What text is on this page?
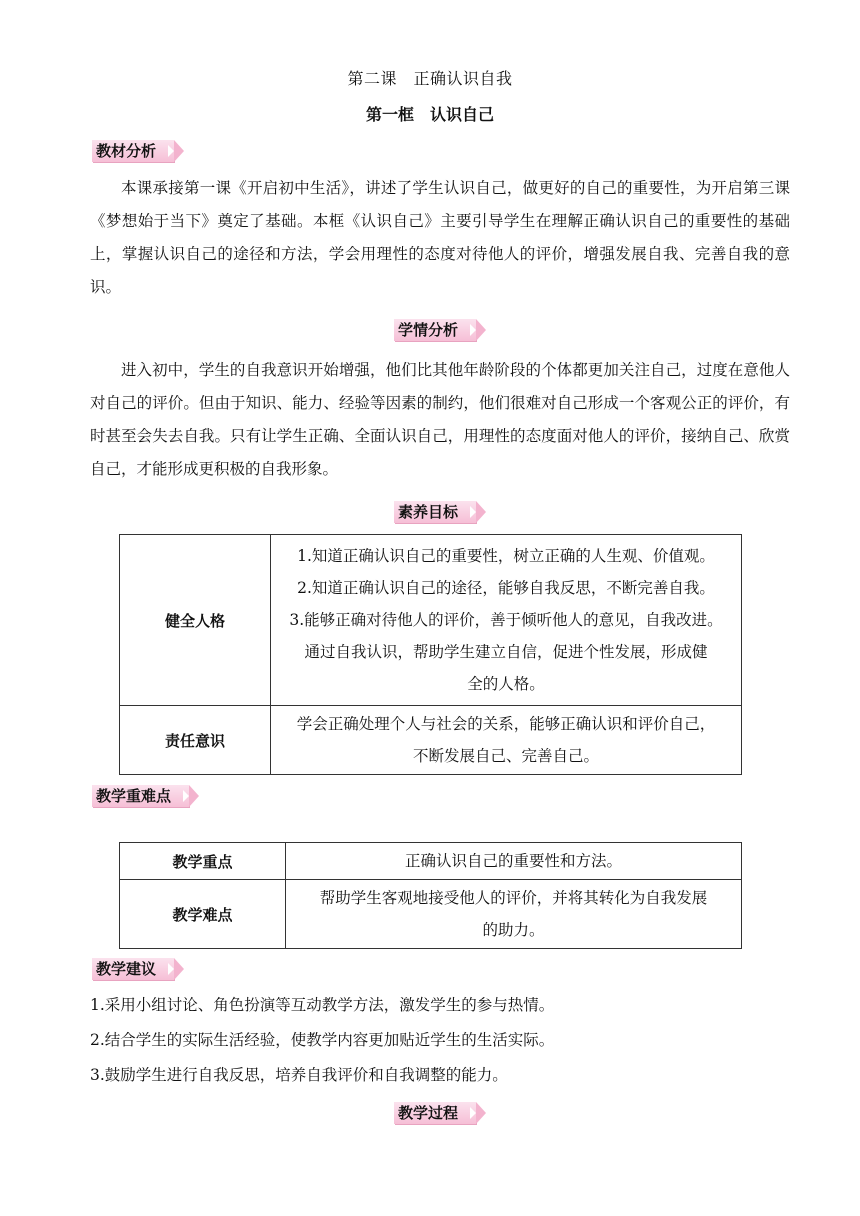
第二课　正确认识自我
第一框　认识自己
教材分析
本课承接第一课《开启初中生活》，讲述了学生认识自己，做更好的自己的重要性，为开启第三课《梦想始于当下》奠定了基础。本框《认识自己》主要引导学生在理解正确认识自己的重要性的基础上，掌握认识自己的途径和方法，学会用理性的态度对待他人的评价，增强发展自我、完善自我的意识。
学情分析
进入初中，学生的自我意识开始增强，他们比其他年龄阶段的个体都更加关注自己，过度在意他人对自己的评价。但由于知识、能力、经验等因素的制约，他们很难对自己形成一个客观公正的评价，有时甚至会失去自我。只有让学生正确、全面认识自己，用理性的态度面对他人的评价，接纳自己、欣赏自己，才能形成更积极的自我形象。
素养目标
健全人格	1.知道正确认识自己的重要性，树立正确的人生观、价值观。
2.知道正确认识自己的途径，能够自我反思，不断完善自我。
3.能够正确对待他人的评价，善于倾听他人的意见，自我改进。
通过自我认识，帮助学生建立自信，促进个性发展，形成健
全的人格。

责任意识	学会正确处理个人与社会的关系，能够正确认识和评价自己，
不断发展自己、完善自己。
教学重难点
教学重点	正确认识自己的重要性和方法。

教学难点	帮助学生客观地接受他人的评价，并将其转化为自我发展
的助力。
教学建议
1.采用小组讨论、角色扮演等互动教学方法，激发学生的参与热情。
2.结合学生的实际生活经验，使教学内容更加贴近学生的生活实际。
3.鼓励学生进行自我反思，培养自我评价和自我调整的能力。
教学过程
